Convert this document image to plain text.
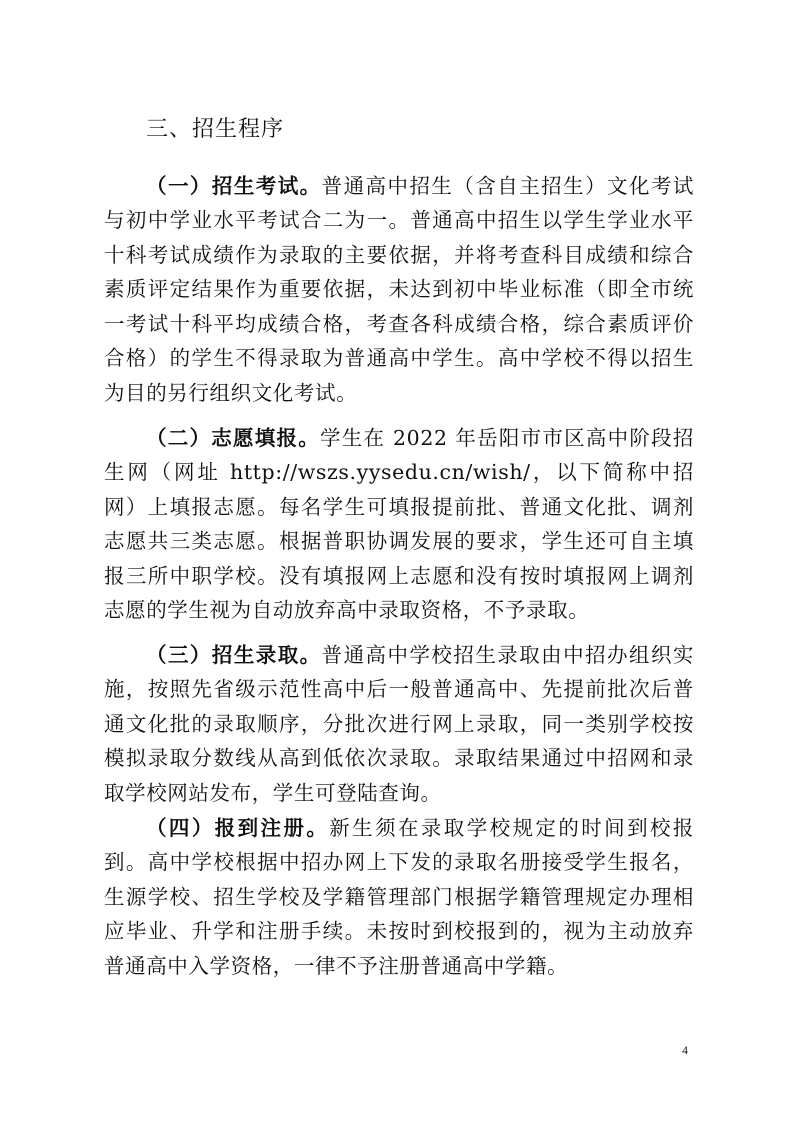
三、招生程序

（一）招生考试。普通高中招生（含自主招生）文化考试与初中学业水平考试合二为一。普通高中招生以学生学业水平十科考试成绩作为录取的主要依据，并将考查科目成绩和综合素质评定结果作为重要依据，未达到初中毕业标准（即全市统一考试十科平均成绩合格，考查各科成绩合格，综合素质评价合格）的学生不得录取为普通高中学生。高中学校不得以招生为目的另行组织文化考试。

（二）志愿填报。学生在 2022 年岳阳市市区高中阶段招生网（网址 http://wszs.yysedu.cn/wish/，以下简称中招网）上填报志愿。每名学生可填报提前批、普通文化批、调剂志愿共三类志愿。根据普职协调发展的要求，学生还可自主填报三所中职学校。没有填报网上志愿和没有按时填报网上调剂志愿的学生视为自动放弃高中录取资格，不予录取。

（三）招生录取。普通高中学校招生录取由中招办组织实施，按照先省级示范性高中后一般普通高中、先提前批次后普通文化批的录取顺序，分批次进行网上录取，同一类别学校按模拟录取分数线从高到低依次录取。录取结果通过中招网和录取学校网站发布，学生可登陆查询。

（四）报到注册。新生须在录取学校规定的时间到校报到。高中学校根据中招办网上下发的录取名册接受学生报名，生源学校、招生学校及学籍管理部门根据学籍管理规定办理相应毕业、升学和注册手续。未按时到校报到的，视为主动放弃普通高中入学资格，一律不予注册普通高中学籍。

4
